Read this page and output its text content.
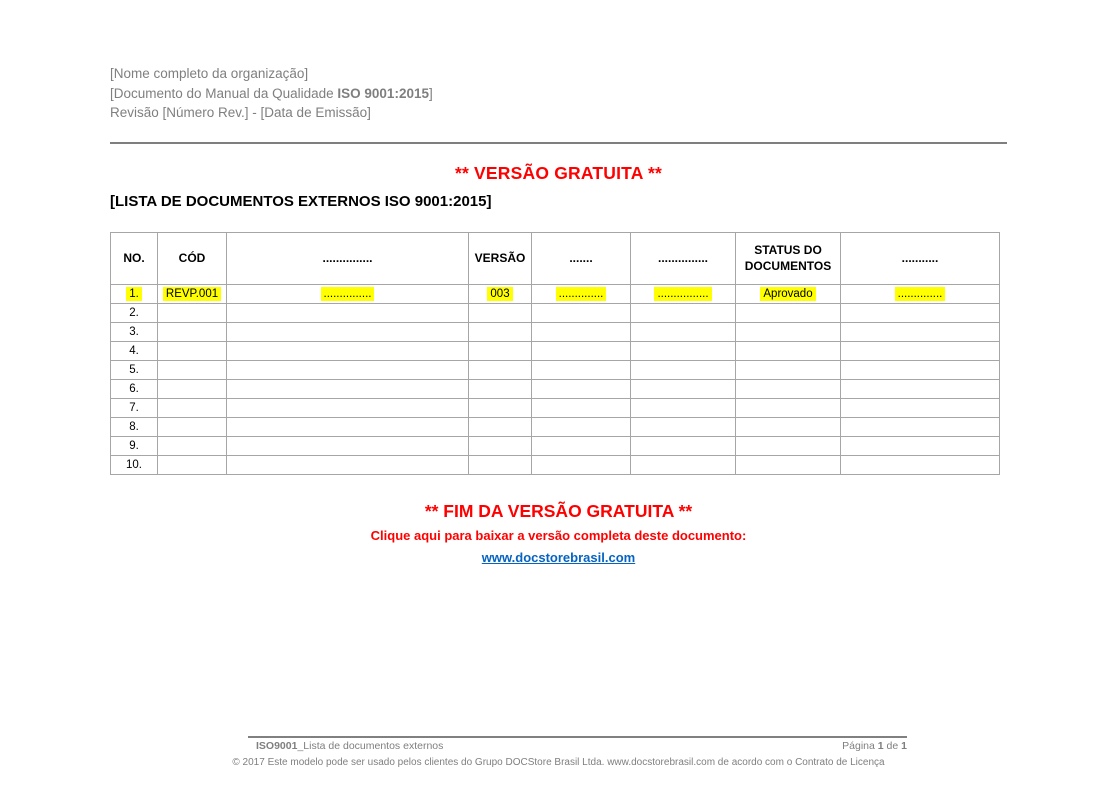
[Nome completo da organização]
[Documento do Manual da Qualidade ISO 9001:2015]
Revisão [Número Rev.] - [Data de Emissão]
** VERSÃO GRATUITA **
[LISTA DE DOCUMENTOS EXTERNOS ISO 9001:2015]
NO.	CÓD	...............	VERSÃO	.......	...............	STATUS DO DOCUMENTOS	...........
1.	REVP.001	...............	003	..............	................	Aprovado	..............
2.							
3.							
4.							
5.							
6.							
7.							
8.							
9.							
10.							
** FIM DA VERSÃO GRATUITA **
Clique aqui para baixar a versão completa deste documento:
www.docstorebrasil.com
ISO9001_Lista de documentos externos	Página 1 de 1
© 2017 Este modelo pode ser usado pelos clientes do Grupo DOCStore Brasil Ltda. www.docstorebrasil.com de acordo com o Contrato de Licença
